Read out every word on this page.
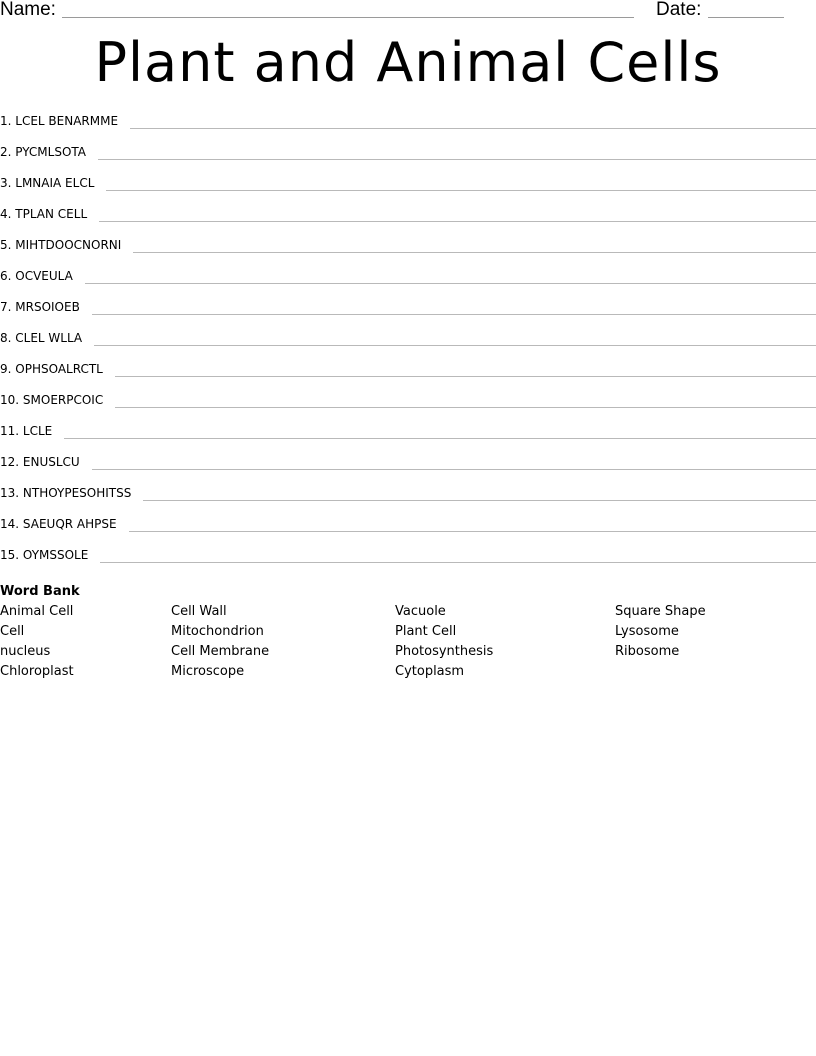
Name:	Date:
Plant and Animal Cells
1. LCEL BENARMME
2. PYCMLSOTA
3. LMNAIA ELCL
4. TPLAN CELL
5. MIHTDOOCNORNI
6. OCVEULA
7. MRSOIOEB
8. CLEL WLLA
9. OPHSOALRCTL
10. SMOERPCOIC
11. LCLE
12. ENUSLCU
13. NTHOYPESOHITSS
14. SAEUQR AHPSE
15. OYMSSOLE
Word Bank
Animal Cell
Cell
nucleus
Chloroplast
Cell Wall
Mitochondrion
Cell Membrane
Microscope
Vacuole
Plant Cell
Photosynthesis
Cytoplasm
Square Shape
Lysosome
Ribosome
